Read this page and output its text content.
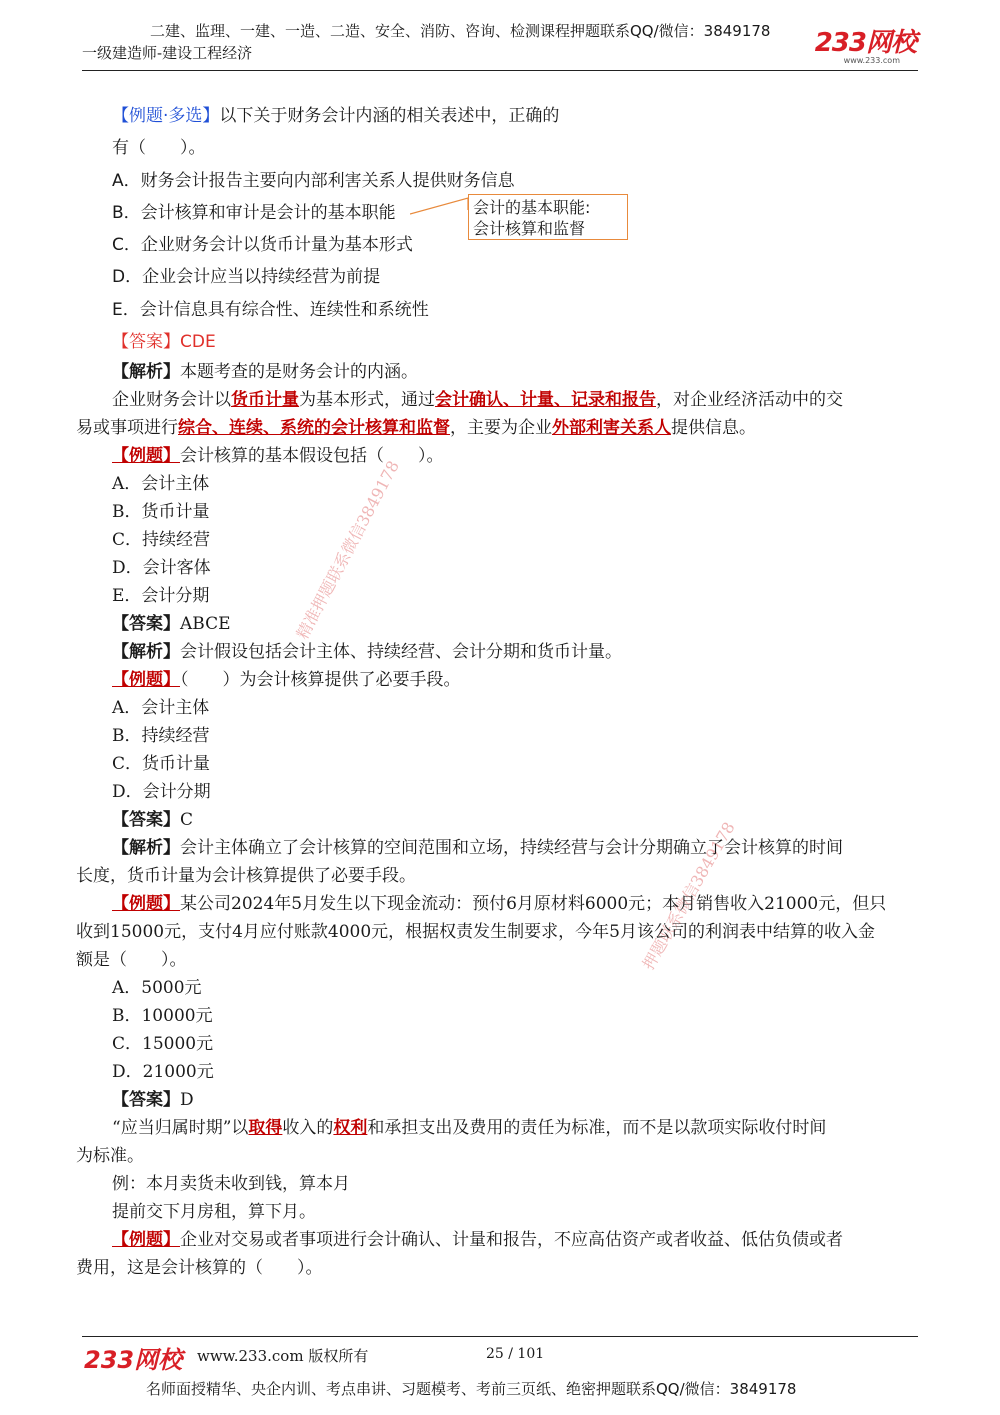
二建、监理、一建、一造、二造、安全、消防、咨询、检测课程押题联系QQ/微信：3849178
一级建造师-建设工程经济	233网校
www.233.com
精准押题联系微信3849178
押题联系微信3849178
会计的基本职能:
会计核算和监督
【例题·多选】以下关于财务会计内涵的相关表述中，正确的
有（　　）。
A．财务会计报告主要向内部利害关系人提供财务信息
B．会计核算和审计是会计的基本职能
C．企业财务会计以货币计量为基本形式
D．企业会计应当以持续经营为前提
E．会计信息具有综合性、连续性和系统性
【答案】CDE
【解析】本题考查的是财务会计的内涵。
企业财务会计以货币计量为基本形式，通过会计确认、计量、记录和报告，对企业经济活动中的交
易或事项进行综合、连续、系统的会计核算和监督，主要为企业外部利害关系人提供信息。
【例题】会计核算的基本假设包括（　　）。
A．会计主体
B．货币计量
C．持续经营
D．会计客体
E．会计分期
【答案】ABCE
【解析】会计假设包括会计主体、持续经营、会计分期和货币计量。
【例题】（　　）为会计核算提供了必要手段。
A．会计主体
B．持续经营
C．货币计量
D．会计分期
【答案】C
【解析】会计主体确立了会计核算的空间范围和立场，持续经营与会计分期确立了会计核算的时间
长度，货币计量为会计核算提供了必要手段。
【例题】某公司2024年5月发生以下现金流动：预付6月原材料6000元；本月销售收入21000元，但只
收到15000元，支付4月应付账款4000元，根据权责发生制要求，今年5月该公司的利润表中结算的收入金
额是（　　）。
A．5000元
B．10000元
C．15000元
D．21000元
【答案】D
“应当归属时期”以取得收入的权利和承担支出及费用的责任为标准，而不是以款项实际收付时间
为标准。
例：本月卖货未收到钱，算本月
提前交下月房租，算下月。
【例题】企业对交易或者事项进行会计确认、计量和报告，不应高估资产或者收益、低估负债或者
费用，这是会计核算的（　　）。
233网校 www.233.com 版权所有	25 / 101
名师面授精华、央企内训、考点串讲、习题模考、考前三页纸、绝密押题联系QQ/微信：3849178
